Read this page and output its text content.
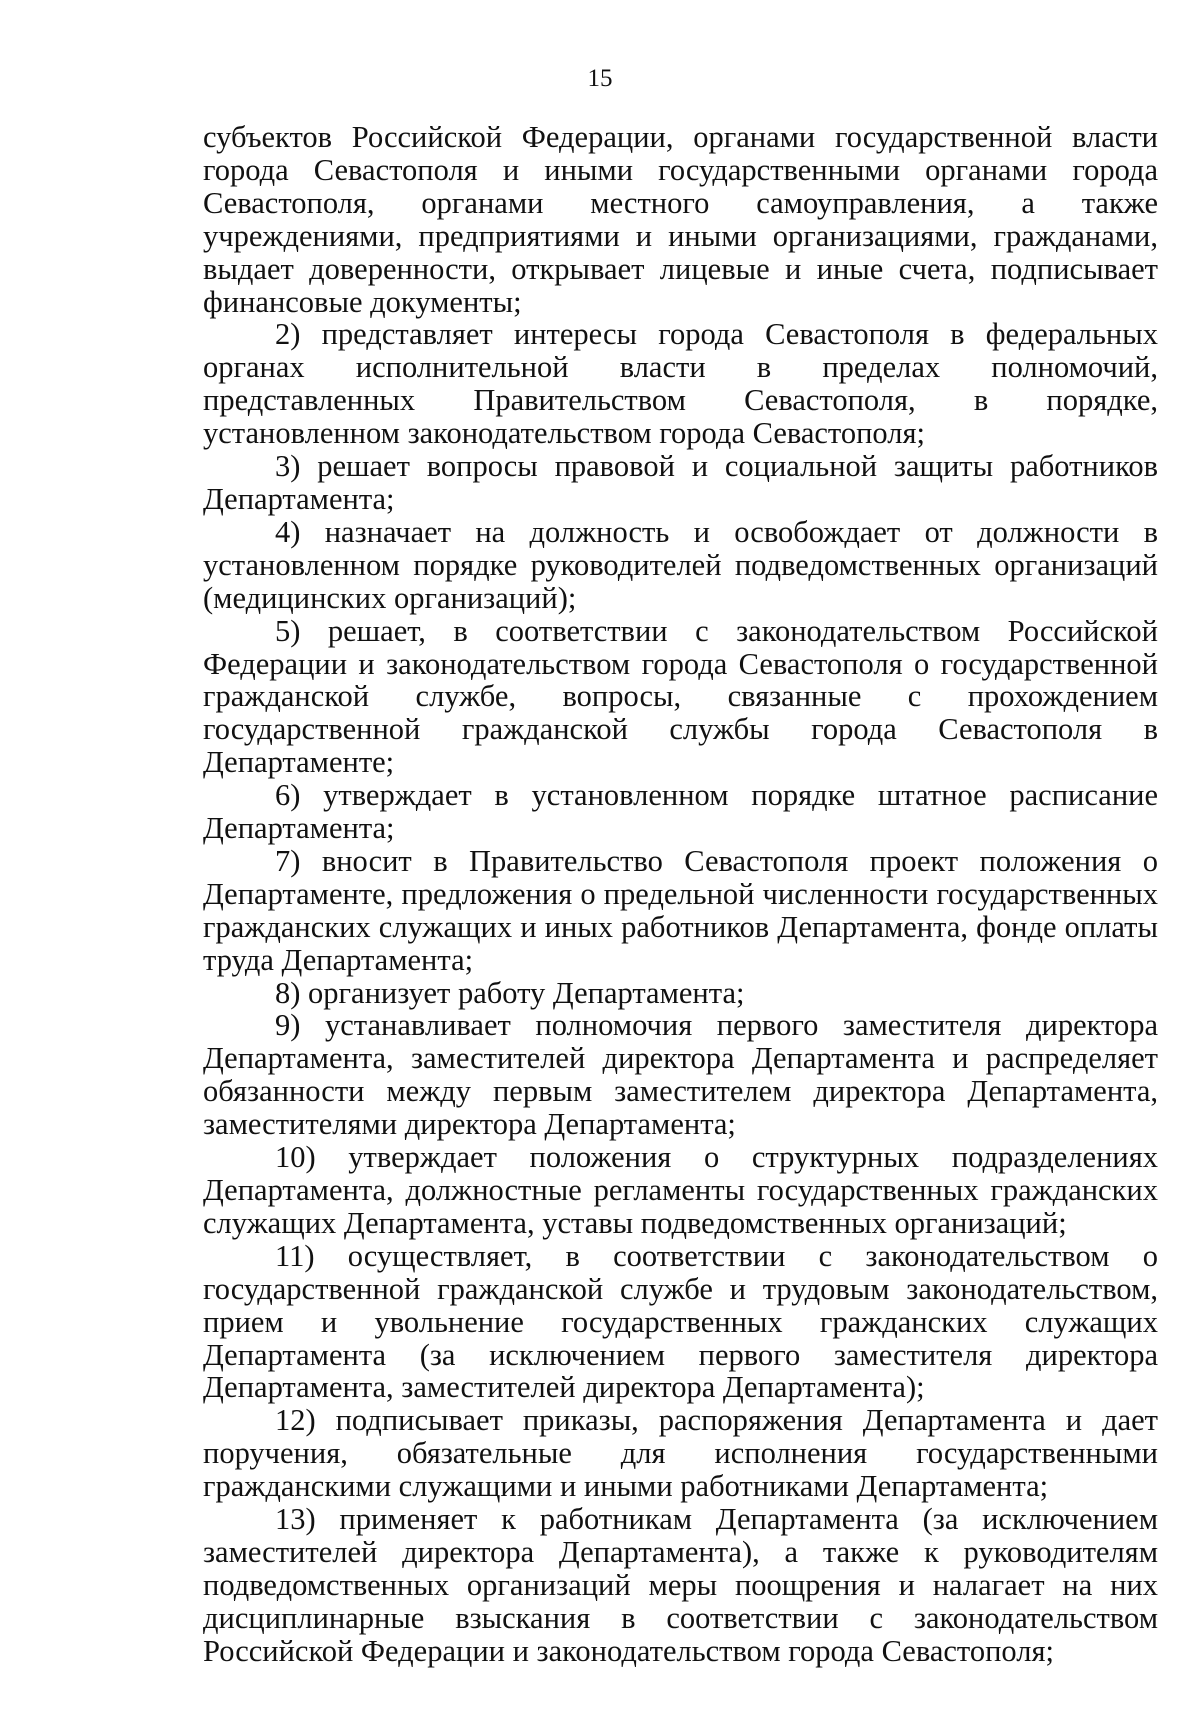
15

субъектов Российской Федерации, органами государственной власти города Севастополя и иными государственными органами города Севастополя, органами местного самоуправления, а также учреждениями, предприятиями и иными организациями, гражданами, выдает доверенности, открывает лицевые и иные счета, подписывает финансовые документы;

2) представляет интересы города Севастополя в федеральных органах исполнительной власти в пределах полномочий, представленных Правительством Севастополя, в порядке, установленном законодательством города Севастополя;

3) решает вопросы правовой и социальной защиты работников Департамента;

4) назначает на должность и освобождает от должности в установленном порядке руководителей подведомственных организаций (медицинских организаций);

5) решает, в соответствии с законодательством Российской Федерации и законодательством города Севастополя о государственной гражданской службе, вопросы, связанные с прохождением государственной гражданской службы города Севастополя в Департаменте;

6) утверждает в установленном порядке штатное расписание Департамента;

7) вносит в Правительство Севастополя проект положения о Департаменте, предложения о предельной численности государственных гражданских служащих и иных работников Департамента, фонде оплаты труда Департамента;

8) организует работу Департамента;

9) устанавливает полномочия первого заместителя директора Департамента, заместителей директора Департамента и распределяет обязанности между первым заместителем директора Департамента, заместителями директора Департамента;

10) утверждает положения о структурных подразделениях Департамента, должностные регламенты государственных гражданских служащих Департамента, уставы подведомственных организаций;

11) осуществляет, в соответствии с законодательством о государственной гражданской службе и трудовым законодательством, прием и увольнение государственных гражданских служащих Департамента (за исключением первого заместителя директора Департамента, заместителей директора Департамента);

12) подписывает приказы, распоряжения Департамента и дает поручения, обязательные для исполнения государственными гражданскими служащими и иными работниками Департамента;

13) применяет к работникам Департамента (за исключением заместителей директора Департамента), а также к руководителям подведомственных организаций меры поощрения и налагает на них дисциплинарные взыскания в соответствии с законодательством Российской Федерации и законодательством города Севастополя;
